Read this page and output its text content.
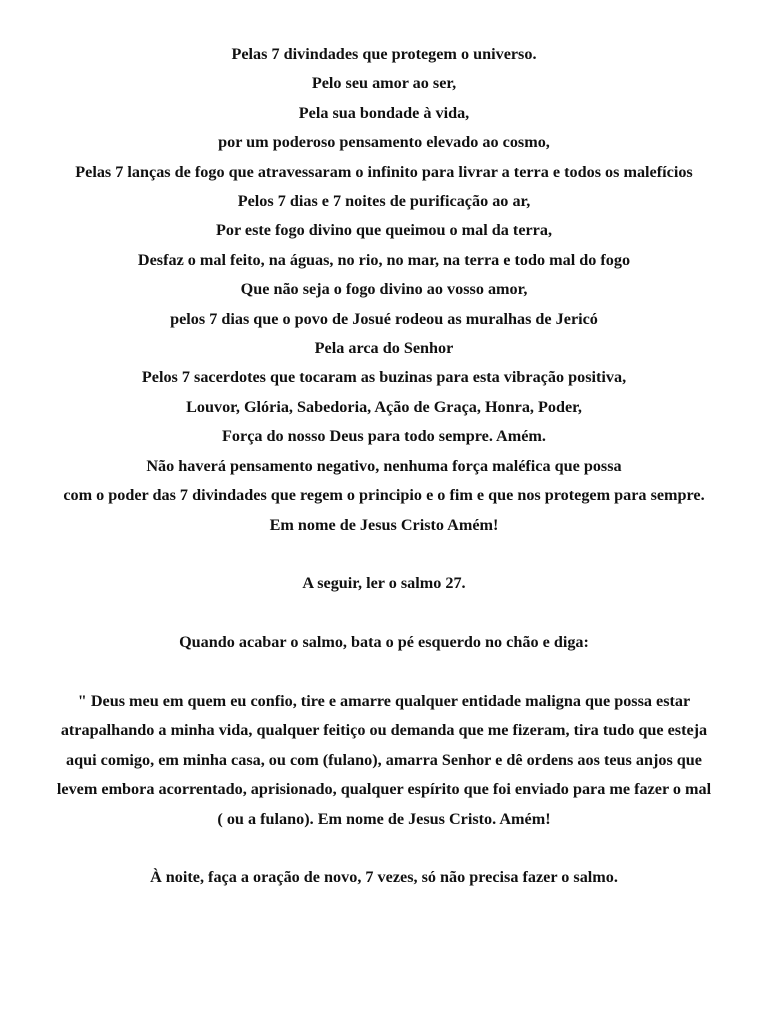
Pelas 7 divindades que protegem o universo.

Pelo seu amor ao ser,

Pela sua bondade à vida,

por um poderoso pensamento elevado ao cosmo,

Pelas 7 lanças de fogo que atravessaram o infinito para livrar a terra e todos os malefícios

Pelos 7 dias e 7 noites de purificação ao ar,

Por este fogo divino que queimou o mal da terra,

Desfaz o mal feito, na águas, no rio, no mar, na terra e todo mal do fogo

Que não seja o fogo divino ao vosso amor,

pelos 7 dias que o povo de Josué rodeou as muralhas de Jericó

Pela arca do Senhor

Pelos 7 sacerdotes que tocaram as buzinas para esta vibração positiva,

Louvor, Glória, Sabedoria, Ação de Graça, Honra, Poder,

Força do nosso Deus para todo sempre. Amém.

Não haverá pensamento negativo, nenhuma força maléfica que possa

com o poder das 7 divindades que regem o principio e o fim e que nos protegem para sempre.

Em nome de Jesus Cristo Amém!

A seguir, ler o salmo 27.

Quando acabar o salmo, bata o pé esquerdo no chão e diga:

" Deus meu em quem eu confio, tire e amarre qualquer entidade maligna que possa estar atrapalhando a minha vida, qualquer feitiço ou demanda que me fizeram, tira tudo que esteja aqui comigo, em minha casa, ou com (fulano), amarra Senhor e dê ordens aos teus anjos que levem embora acorrentado, aprisionado, qualquer espírito que foi enviado para me fazer o mal ( ou a fulano). Em nome de Jesus Cristo. Amém!

À noite, faça a oração de novo, 7 vezes, só não precisa fazer o salmo.
